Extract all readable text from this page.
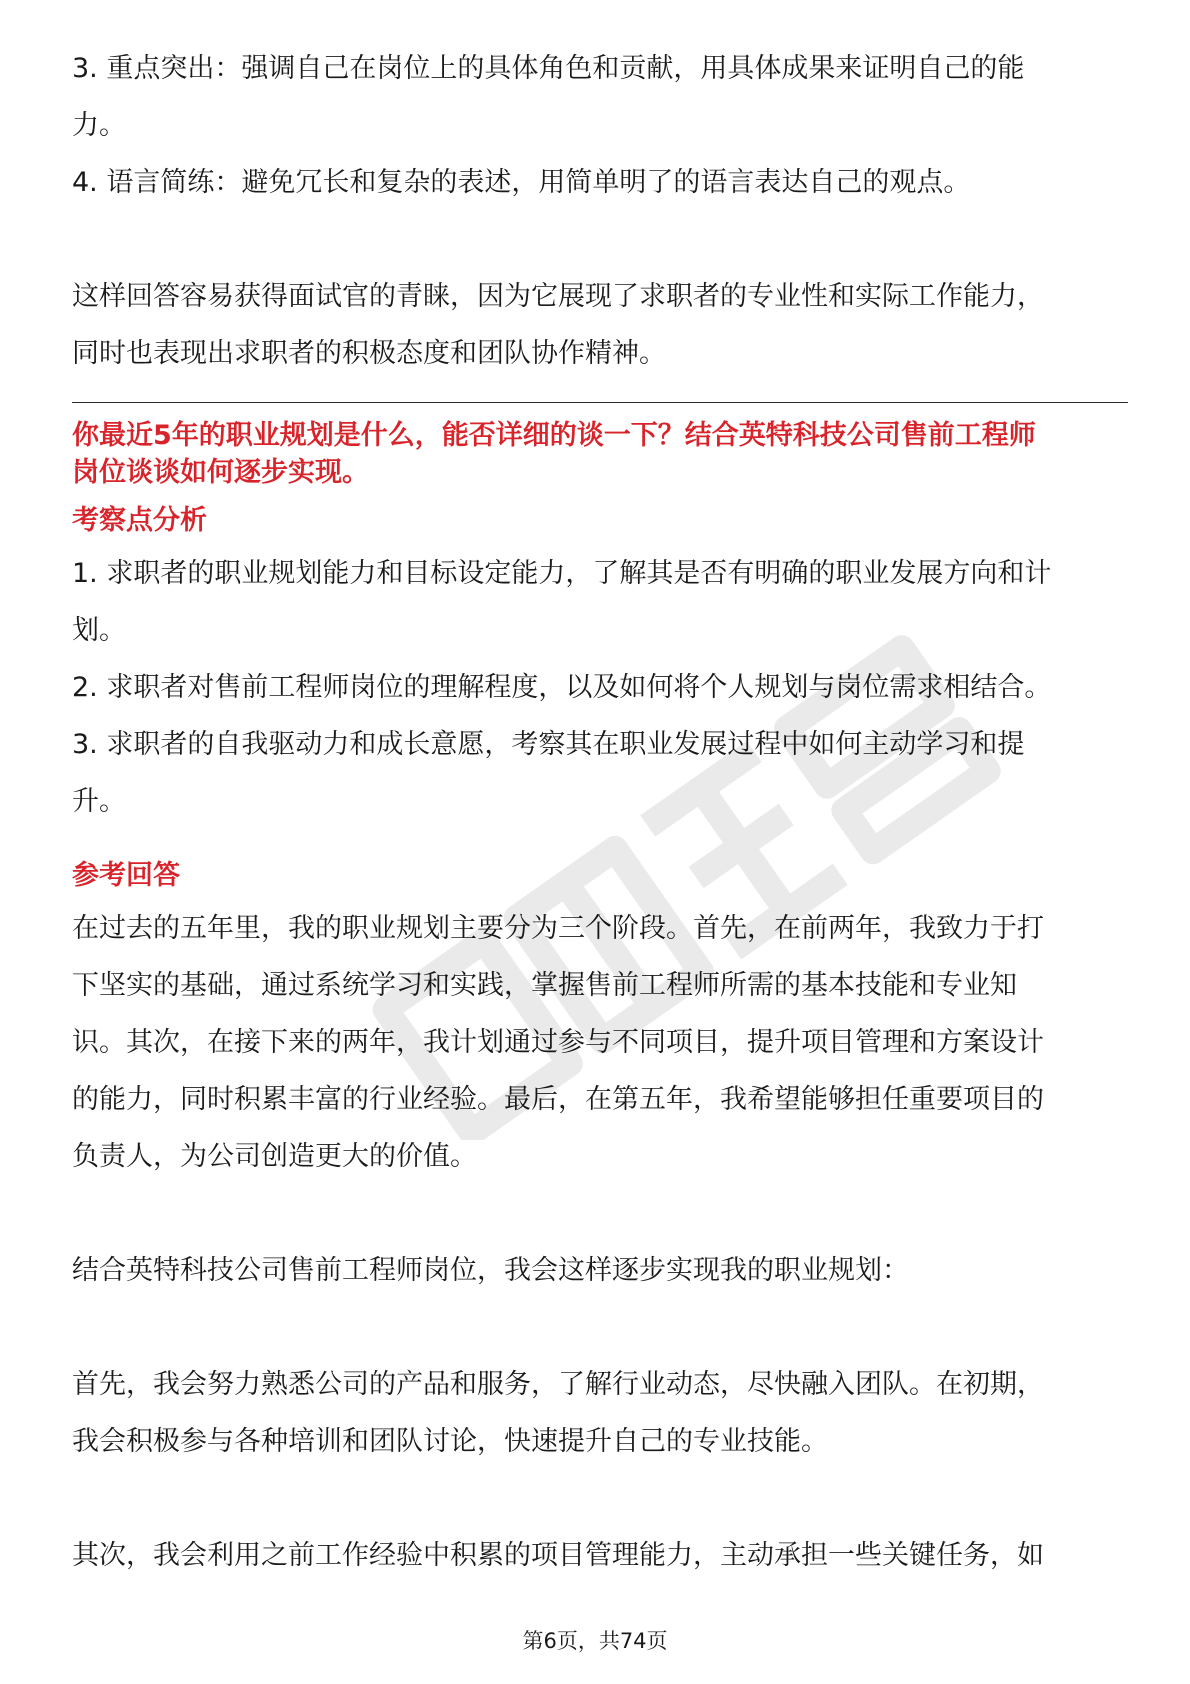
3. 重点突出：强调自己在岗位上的具体角色和贡献，用具体成果来证明自己的能

力。

4. 语言简练：避免冗长和复杂的表述，用简单明了的语言表达自己的观点。

这样回答容易获得面试官的青睐，因为它展现了求职者的专业性和实际工作能力，

同时也表现出求职者的积极态度和团队协作精神。

你最近5年的职业规划是什么，能否详细的谈一下？结合英特科技公司售前工程师
岗位谈谈如何逐步实现。

考察点分析

1. 求职者的职业规划能力和目标设定能力，了解其是否有明确的职业发展方向和计

划。

2. 求职者对售前工程师岗位的理解程度，以及如何将个人规划与岗位需求相结合。

3. 求职者的自我驱动力和成长意愿，考察其在职业发展过程中如何主动学习和提

升。

参考回答

在过去的五年里，我的职业规划主要分为三个阶段。首先，在前两年，我致力于打

下坚实的基础，通过系统学习和实践，掌握售前工程师所需的基本技能和专业知

识。其次，在接下来的两年，我计划通过参与不同项目，提升项目管理和方案设计

的能力，同时积累丰富的行业经验。最后，在第五年，我希望能够担任重要项目的

负责人，为公司创造更大的价值。

结合英特科技公司售前工程师岗位，我会这样逐步实现我的职业规划：

首先，我会努力熟悉公司的产品和服务，了解行业动态，尽快融入团队。在初期，

我会积极参与各种培训和团队讨论，快速提升自己的专业技能。

其次，我会利用之前工作经验中积累的项目管理能力，主动承担一些关键任务，如

第6页，共74页
